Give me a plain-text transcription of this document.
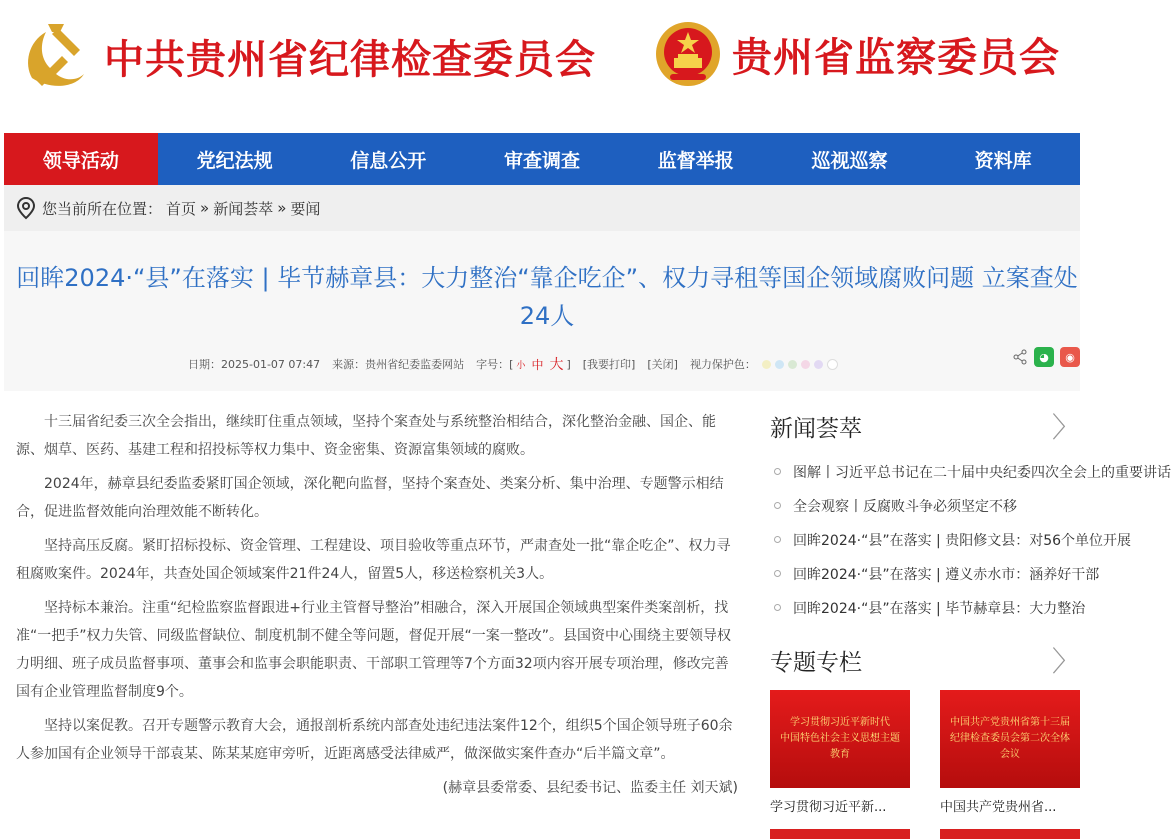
中共贵州省纪律检查委员会	贵州省监察委员会
领导活动	党纪法规	信息公开	审查调查	监督举报	巡视巡察	资料库
您当前所在位置： 首页 » 新闻荟萃 » 要闻
回眸2024·“县”在落实 | 毕节赫章县：大力整治“靠企吃企”、权力寻租等国企领域腐败问题 立案查处24人
日期：2025-01-07 07:47 来源：贵州省纪委监委网站 字号：[ 小 中 大 ] [我要打印] [关闭] 视力保护色：
◕	◉

十三届省纪委三次全会指出，继续盯住重点领域，坚持个案查处与系统整治相结合，深化整治金融、国企、能源、烟草、医药、基建工程和招投标等权力集中、资金密集、资源富集领域的腐败。

2024年，赫章县纪委监委紧盯国企领域，深化靶向监督，坚持个案查处、类案分析、集中治理、专题警示相结合，促进监督效能向治理效能不断转化。

坚持高压反腐。紧盯招标投标、资金管理、工程建设、项目验收等重点环节，严肃查处一批“靠企吃企”、权力寻租腐败案件。2024年，共查处国企领域案件21件24人，留置5人，移送检察机关3人。

坚持标本兼治。注重“纪检监察监督跟进+行业主管督导整治”相融合，深入开展国企领域典型案件类案剖析，找准“一把手”权力失管、同级监督缺位、制度机制不健全等问题，督促开展“一案一整改”。县国资中心围绕主要领导权力明细、班子成员监督事项、董事会和监事会职能职责、干部职工管理等7个方面32项内容开展专项治理，修改完善国有企业管理监督制度9个。

坚持以案促教。召开专题警示教育大会，通报剖析系统内部查处违纪违法案件12个，组织5个国企领导班子60余人参加国有企业领导干部袁某、陈某某庭审旁听，近距离感受法律威严，做深做实案件查办“后半篇文章”。

(赫章县委常委、县纪委书记、监委主任 刘天斌)
新闻荟萃	〉〉
图解丨习近平总书记在二十届中央纪委四次全会上的重要讲话
全会观察丨反腐败斗争必须坚定不移
回眸2024·“县”在落实 | 贵阳修文县：对56个单位开展
回眸2024·“县”在落实 | 遵义赤水市：涵养好干部
回眸2024·“县”在落实 | 毕节赫章县：大力整治
专题专栏	〉〉
学习贯彻习近平新时代
中国特色社会主义思想主题教育
学习贯彻习近平新...
中国共产党贵州省第十三届
纪律检查委员会第二次全体会议
中国共产党贵州省...
